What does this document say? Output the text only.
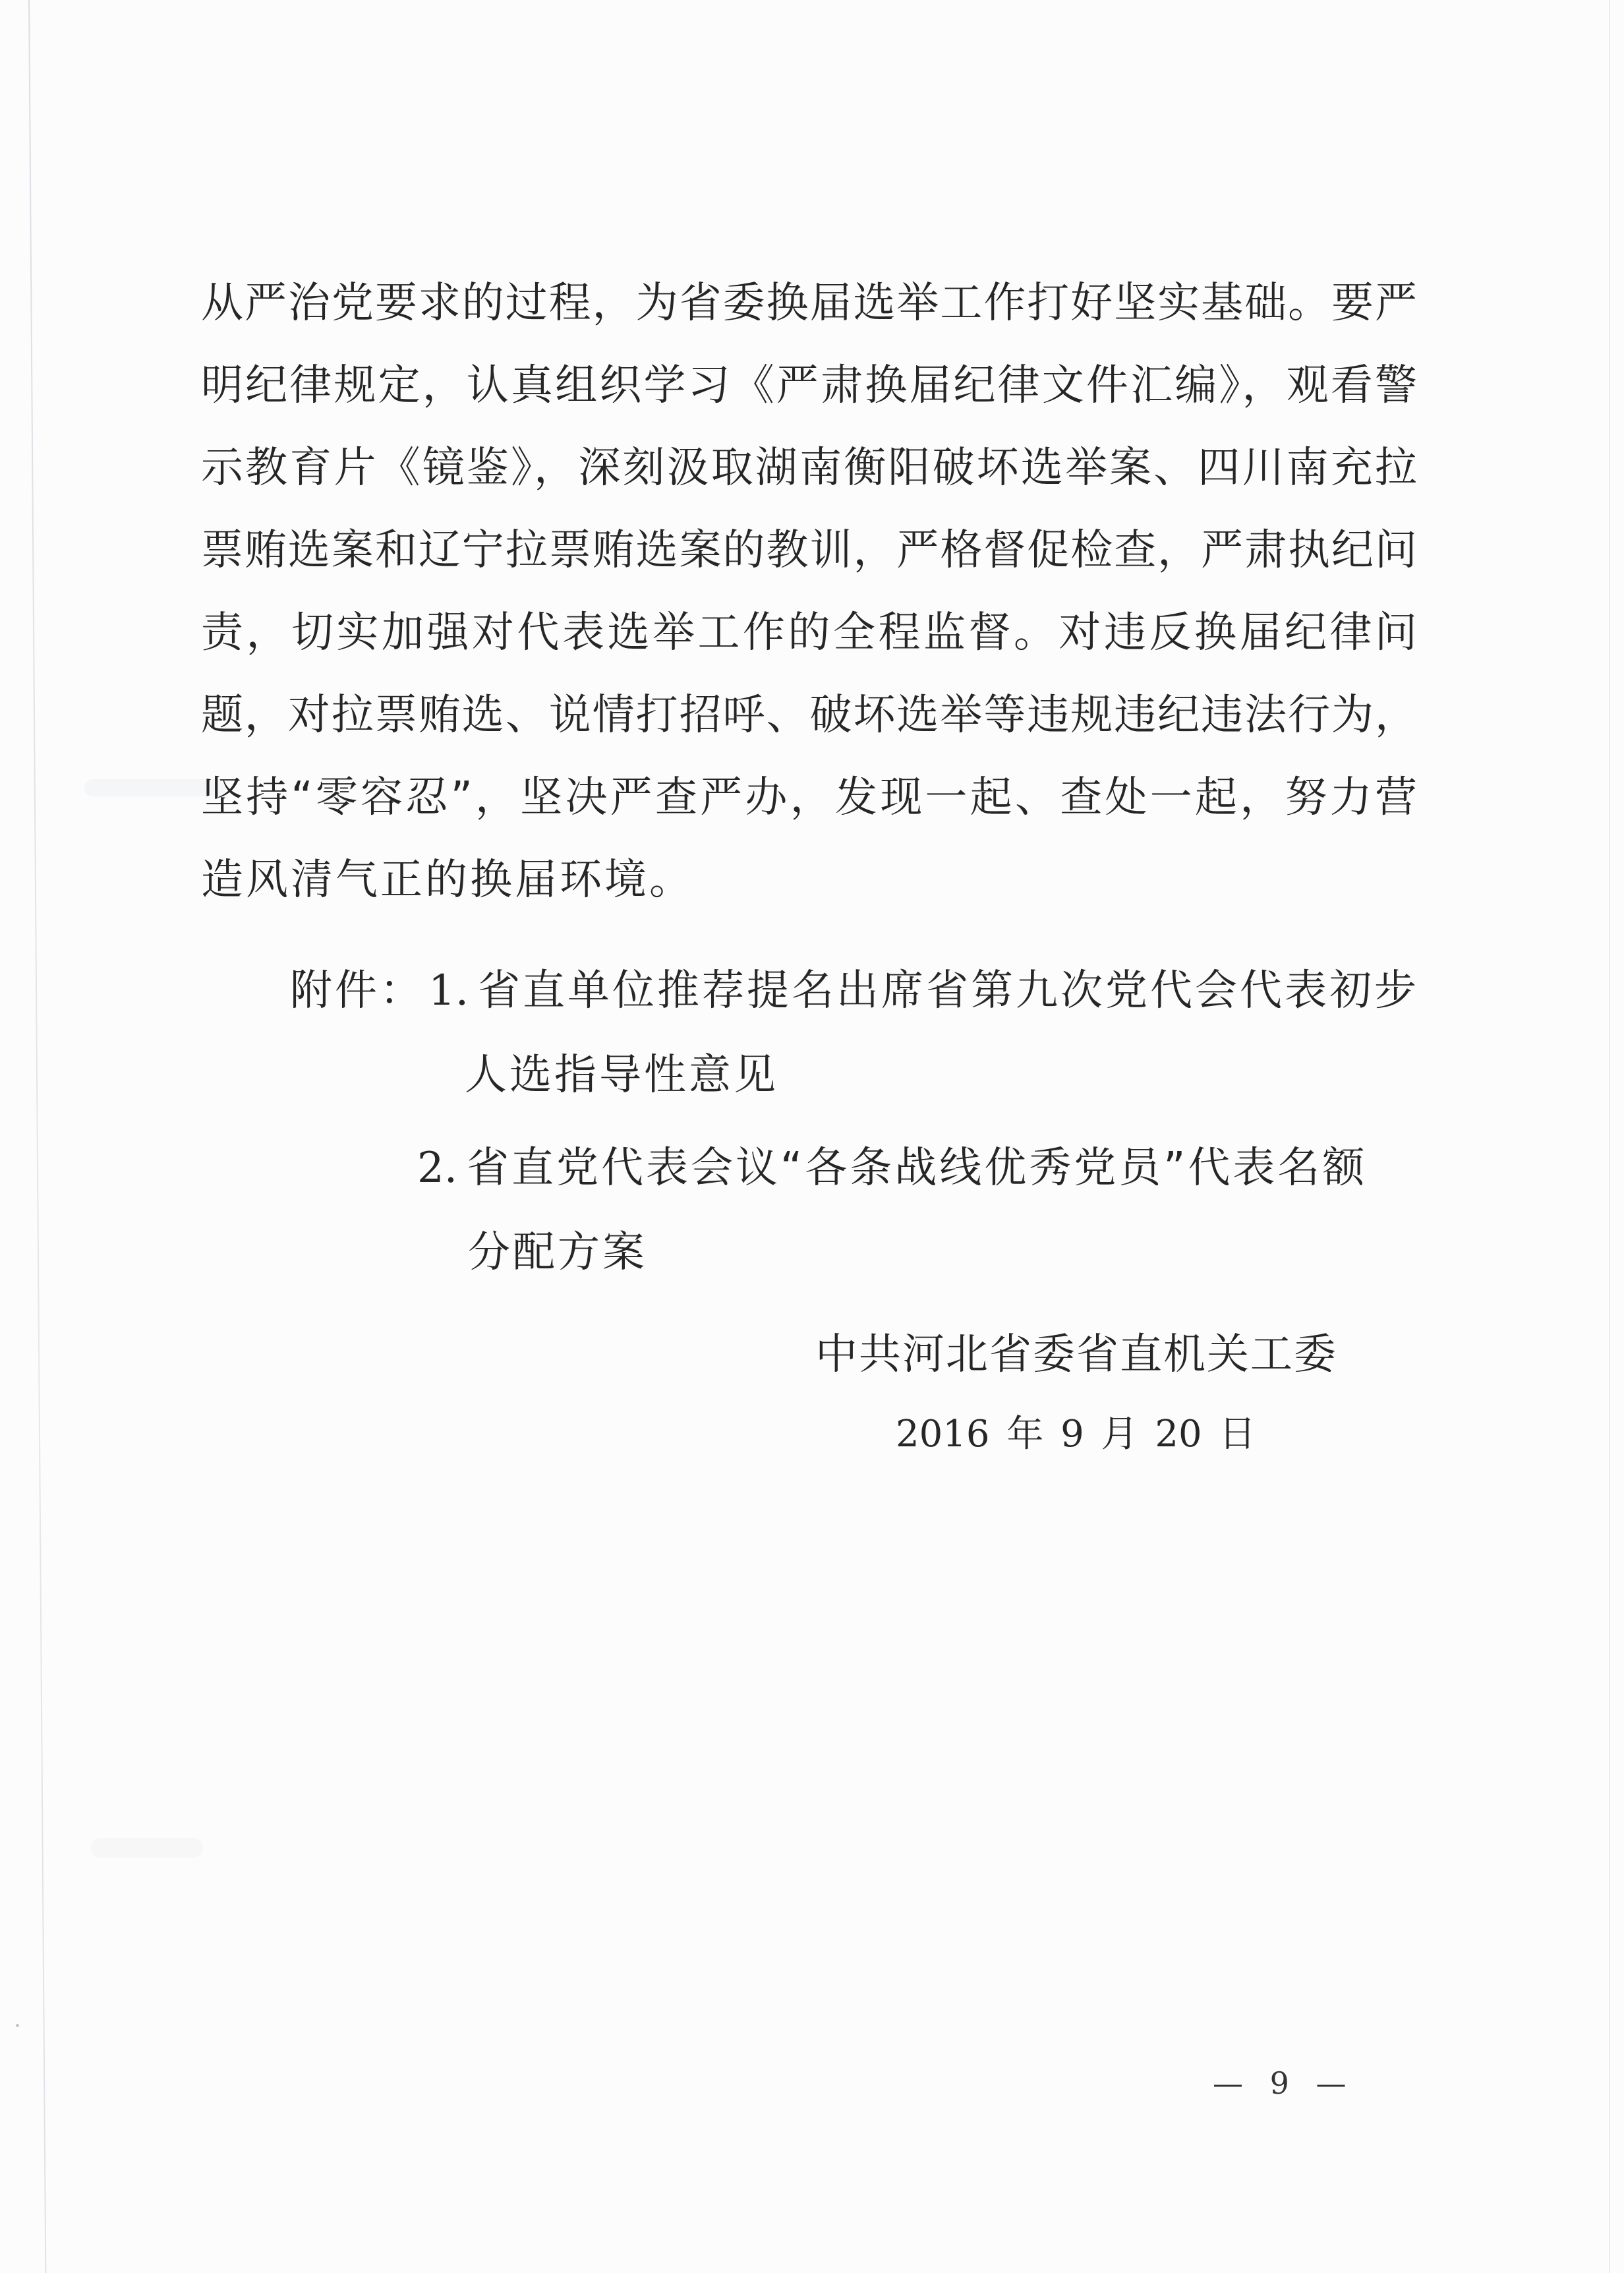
从严治党要求的过程，为省委换届选举工作打好坚实基础。要严

明纪律规定，认真组织学习《严肃换届纪律文件汇编》，观看警

示教育片《镜鉴》，深刻汲取湖南衡阳破坏选举案、四川南充拉

票贿选案和辽宁拉票贿选案的教训，严格督促检查，严肃执纪问

责，切实加强对代表选举工作的全程监督。对违反换届纪律问

题，对拉票贿选、说情打招呼、破坏选举等违规违纪违法行为，

坚持“零容忍”，坚决严查严办，发现一起、查处一起，努力营

造风清气正的换届环境。

附件：1. 省直单位推荐提名出席省第九次党代会代表初步

人选指导性意见

2. 省直党代表会议“各条战线优秀党员”代表名额

分配方案

中共河北省委省直机关工委

2016 年 9 月 20 日

— 9 —
